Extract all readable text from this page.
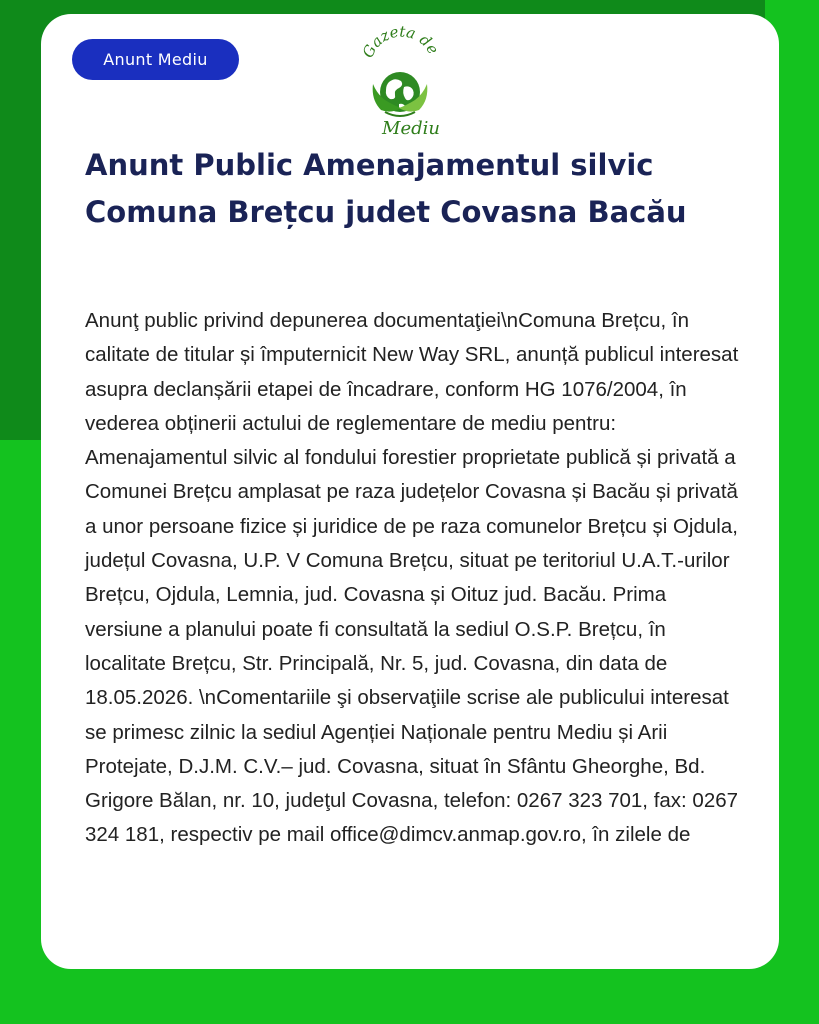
Anunt Mediu	Gazeta de
Mediu
Anunt Public Amenajamentul silvic Comuna Brețcu judet Covasna Bacău

Anunţ public privind depunerea documentaţiei\nComuna Brețcu, în calitate de titular și împuternicit New Way SRL, anunță publicul interesat asupra declanșării etapei de încadrare, conform HG 1076/2004, în vederea obținerii actului de reglementare de mediu pentru: Amenajamentul silvic al fondului forestier proprietate publică și privată a Comunei Brețcu amplasat pe raza județelor Covasna și Bacău și privată a unor persoane fizice și juridice de pe raza comunelor Brețcu și Ojdula, județul Covasna, U.P. V Comuna Brețcu, situat pe teritoriul U.A.T.-urilor Brețcu, Ojdula, Lemnia, jud. Covasna și Oituz jud. Bacău. Prima versiune a planului poate fi consultată la sediul O.S.P. Brețcu, în localitate Brețcu, Str. Principală, Nr. 5, jud. Covasna, din data de 18.05.2026. \nComentariile şi observaţiile scrise ale publicului interesat se primesc zilnic la sediul Agenției Naționale pentru Mediu și Arii Protejate, D.J.M. C.V.– jud. Covasna, situat în Sfântu Gheorghe, Bd. Grigore Bălan, nr. 10, judeţul Covasna, telefon: 0267 323 701, fax: 0267 324 181, respectiv pe mail office@dimcv.anmap.gov.ro, în zilele de
